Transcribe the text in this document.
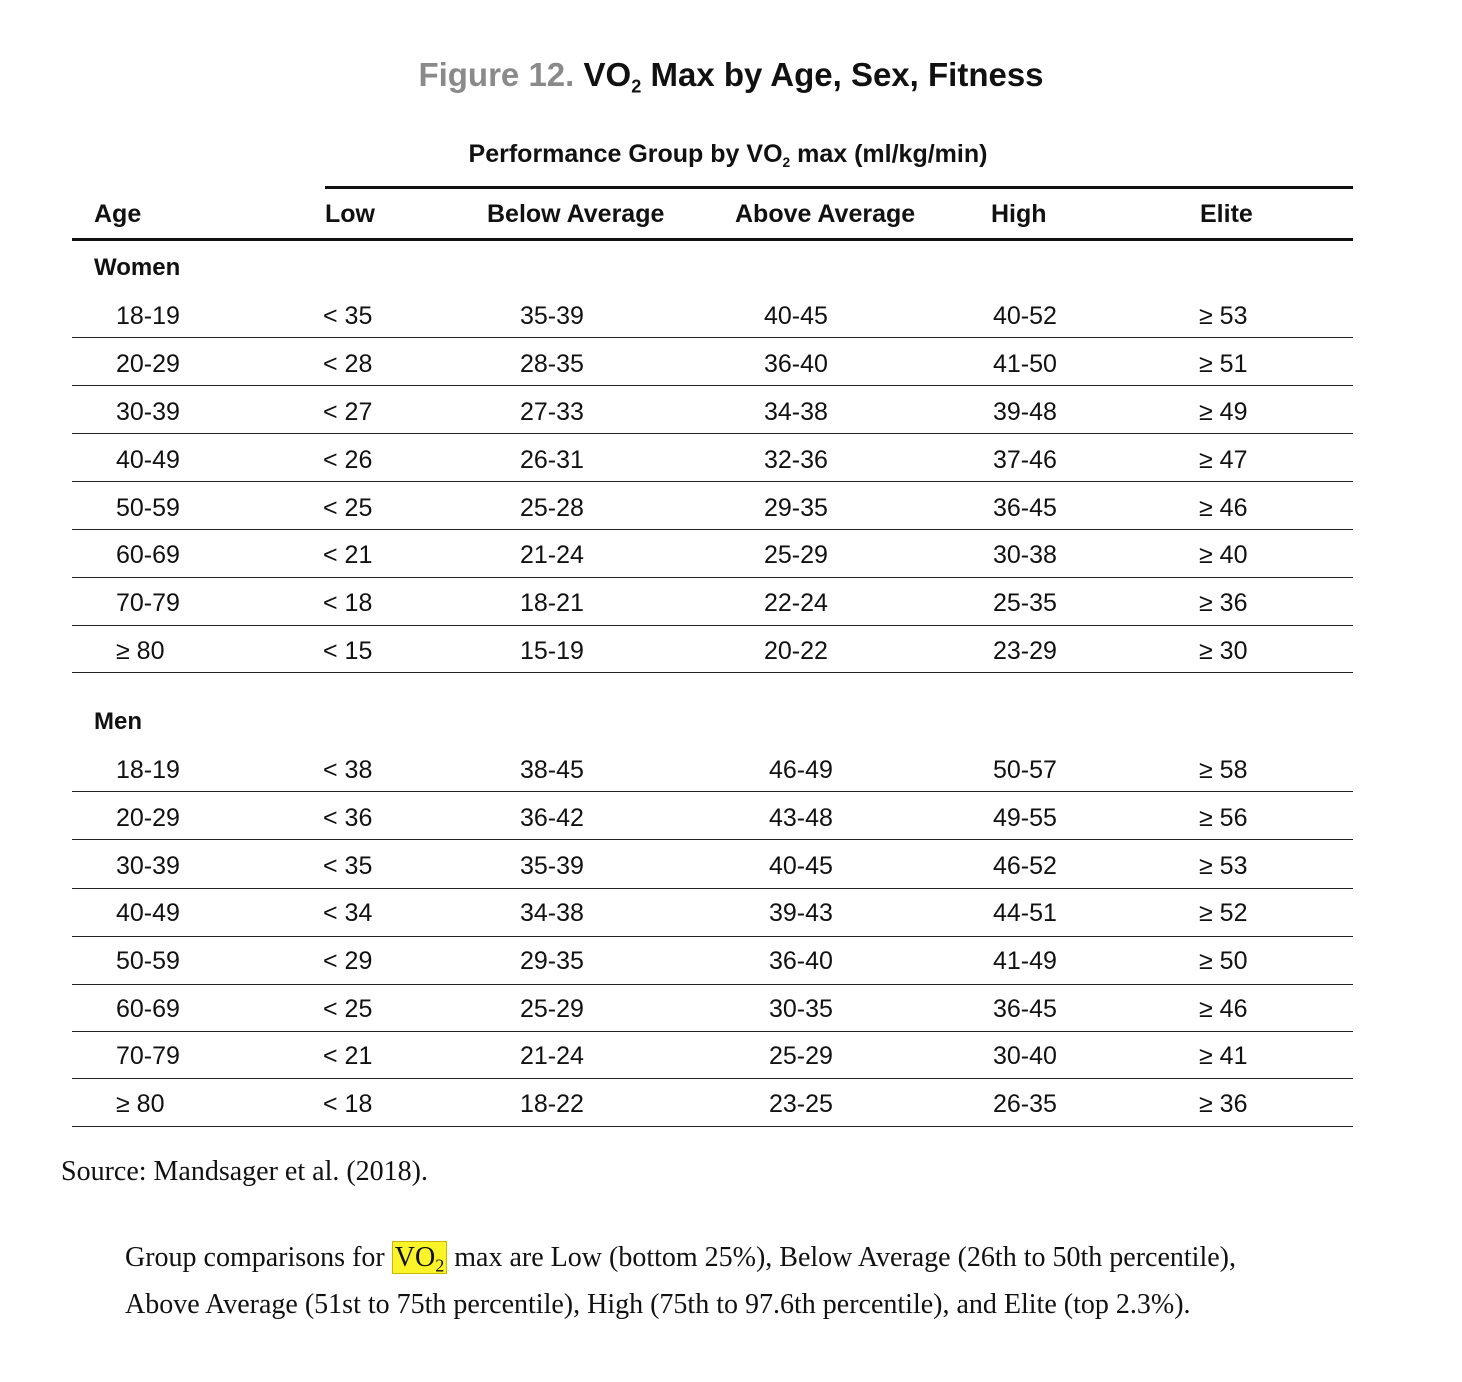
Figure 12. $VO_2$ Max by Age, Sex, Fitness
Performance Group by $VO_2$ max (ml/kg/min)
Age	Low	Below Average	Above Average	High	Elite
Women
18-19	< 35	35-39	40-45	40-52	≥ 53
20-29	< 28	28-35	36-40	41-50	≥ 51
30-39	< 27	27-33	34-38	39-48	≥ 49
40-49	< 26	26-31	32-36	37-46	≥ 47
50-59	< 25	25-28	29-35	36-45	≥ 46
60-69	< 21	21-24	25-29	30-38	≥ 40
70-79	< 18	18-21	22-24	25-35	≥ 36
≥ 80	< 15	15-19	20-22	23-29	≥ 30
Men
18-19	< 38	38-45	46-49	50-57	≥ 58
20-29	< 36	36-42	43-48	49-55	≥ 56
30-39	< 35	35-39	40-45	46-52	≥ 53
40-49	< 34	34-38	39-43	44-51	≥ 52
50-59	< 29	29-35	36-40	41-49	≥ 50
60-69	< 25	25-29	30-35	36-45	≥ 46
70-79	< 21	21-24	25-29	30-40	≥ 41
≥ 80	< 18	18-22	23-25	26-35	≥ 36
Source: Mandsager et al. (2018).
Group comparisons for $VO_2$ max are Low (bottom 25%), Below Average (26th to 50th percentile), Above Average (51st to 75th percentile), High (75th to 97.6th percentile), and Elite (top 2.3%).
